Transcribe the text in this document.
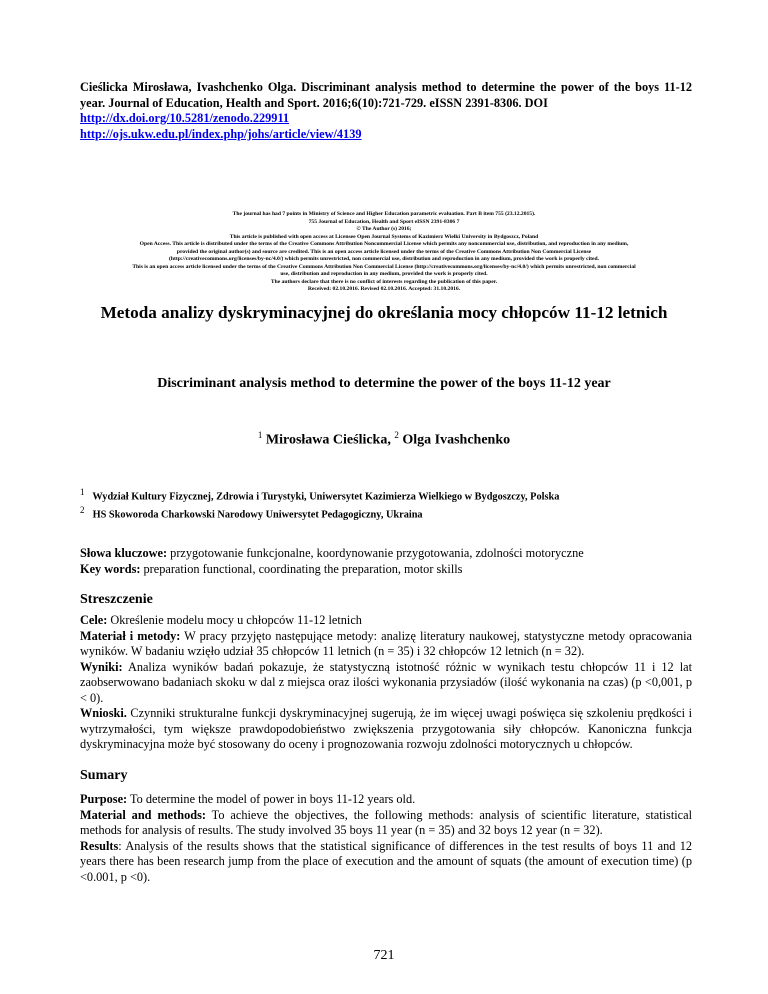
Cieślicka Mirosława, Ivashchenko Olga. Discriminant analysis method to determine the power of the boys 11-12 year. Journal of Education, Health and Sport. 2016;6(10):721-729. eISSN 2391-8306. DOI
http://dx.doi.org/10.5281/zenodo.229911
http://ojs.ukw.edu.pl/index.php/johs/article/view/4139
The journal has had 7 points in Ministry of Science and Higher Education parametric evaluation. Part B item 755 (23.12.2015).
755 Journal of Education, Health and Sport eISSN 2391-8306 7
© The Author (s) 2016;
This article is published with open access at Licensee Open Journal Systems of Kazimierz Wielki University in Bydgoszcz, Poland
Open Access. This article is distributed under the terms of the Creative Commons Attribution Noncommercial License which permits any noncommercial use, distribution, and reproduction in any medium,
provided the original author(s) and source are credited. This is an open access article licensed under the terms of the Creative Commons Attribution Non Commercial License
(http://creativecommons.org/licenses/by-nc/4.0/) which permits unrestricted, non commercial use, distribution and reproduction in any medium, provided the work is properly cited.
This is an open access article licensed under the terms of the Creative Commons Attribution Non Commercial License (http://creativecommons.org/licenses/by-nc/4.0/) which permits unrestricted, non commercial
use, distribution and reproduction in any medium, provided the work is properly cited.
The authors declare that there is no conflict of interests regarding the publication of this paper.
Received: 02.10.2016. Revised 02.10.2016. Accepted: 31.10.2016.
Metoda analizy dyskryminacyjnej do określania mocy chłopców 11-12 letnich
Discriminant analysis method to determine the power of the boys 11-12 year
$^1$ Mirosława Cieślicka, $^2$ Olga Ivashchenko
$^1$ Wydział Kultury Fizycznej, Zdrowia i Turystyki, Uniwersytet Kazimierza Wielkiego w Bydgoszczy, Polska
$^2$ HS Skoworoda Charkowski Narodowy Uniwersytet Pedagogiczny, Ukraina
Słowa kluczowe: przygotowanie funkcjonalne, koordynowanie przygotowania, zdolności motoryczne
Key words: preparation functional, coordinating the preparation, motor skills
Streszczenie

Cele: Określenie modelu mocy u chłopców 11-12 letnich

Materiał i metody: W pracy przyjęto następujące metody: analizę literatury naukowej, statystyczne metody opracowania wyników. W badaniu wzięło udział 35 chłopców 11 letnich (n = 35) i 32 chłopców 12 letnich (n = 32).

Wyniki: Analiza wyników badań pokazuje, że statystyczną istotność różnic w wynikach testu chłopców 11 i 12 lat zaobserwowano badaniach skoku w dal z miejsca oraz ilości wykonania przysiadów (ilość wykonania na czas) (p <0,001, p < 0).

Wnioski. Czynniki strukturalne funkcji dyskryminacyjnej sugerują, że im więcej uwagi poświęca się szkoleniu prędkości i wytrzymałości, tym większe prawdopodobieństwo zwiększenia przygotowania siły chłopców. Kanoniczna funkcja dyskryminacyjna może być stosowany do oceny i prognozowania rozwoju zdolności motorycznych u chłopców.

Sumary

Purpose: To determine the model of power in boys 11-12 years old.

Material and methods: To achieve the objectives, the following methods: analysis of scientific literature, statistical methods for analysis of results. The study involved 35 boys 11 year (n = 35) and 32 boys 12 year (n = 32).

Results: Analysis of the results shows that the statistical significance of differences in the test results of boys 11 and 12 years there has been research jump from the place of execution and the amount of squats (the amount of execution time) (p <0.001, p <0).

721
